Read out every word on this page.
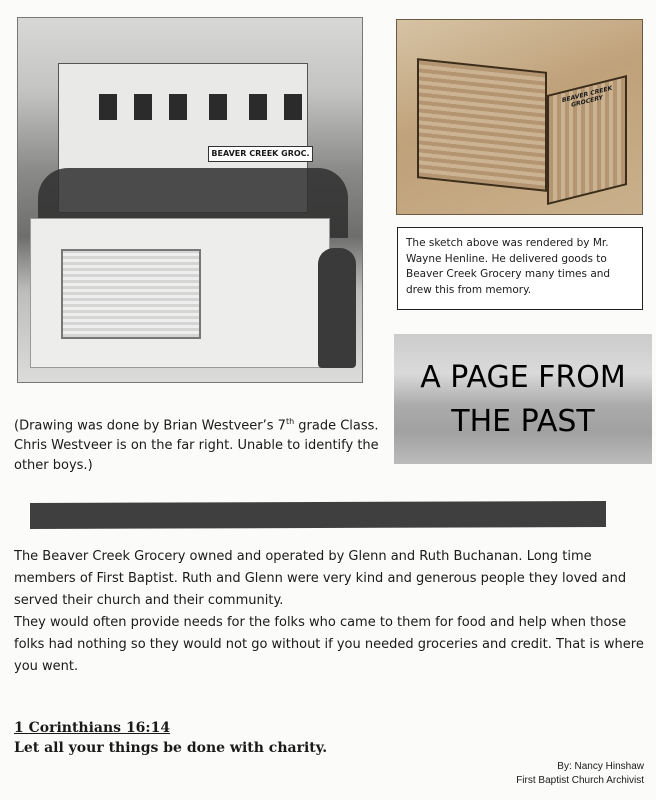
BEAVER CREEK GROC.
BEAVER CREEK GROCERY
The sketch above was rendered by Mr. Wayne Henline. He delivered goods to Beaver Creek Grocery many times and drew this from memory.
A PAGE FROM
THE PAST
(Drawing was done by Brian Westveer’s 7th grade Class. Chris Westveer is on the far right. Unable to identify the other boys.)

The Beaver Creek Grocery owned and operated by Glenn and Ruth Buchanan. Long time members of First Baptist. Ruth and Glenn were very kind and generous people they loved and served their church and their community.

They would often provide needs for the folks who came to them for food and help when those folks had nothing so they would not go without if you needed groceries and credit. That is where you went.

1 Corinthians 16:14
Let all your things be done with charity.
By: Nancy Hinshaw
First Baptist Church Archivist
